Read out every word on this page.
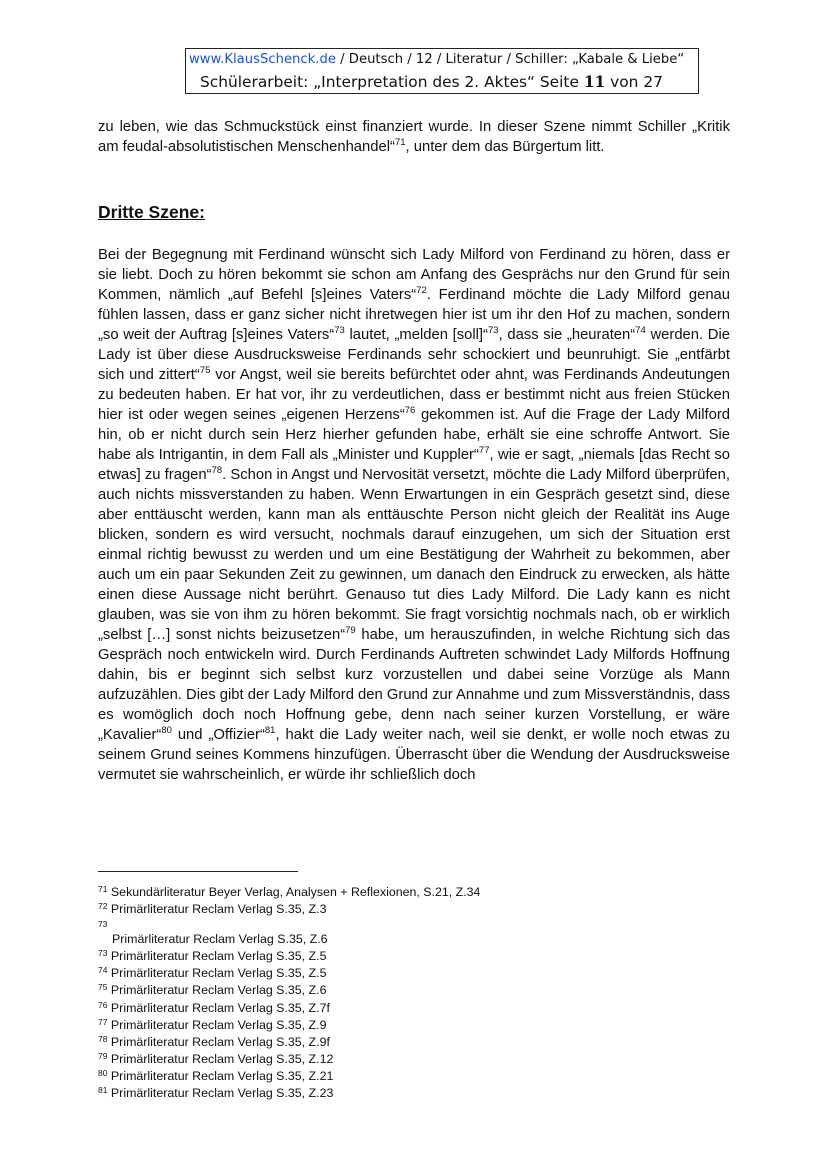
www.KlausSchenck.de / Deutsch / 12 / Literatur / Schiller: „Kabale & Liebe“
Schülerarbeit: „Interpretation des 2. Aktes“ Seite 11 von 27

zu leben, wie das Schmuckstück einst finanziert wurde. In dieser Szene nimmt Schiller „Kritik am feudal-absolutistischen Menschenhandel“$^{71}$, unter dem das Bürgertum litt.

Dritte Szene:

Bei der Begegnung mit Ferdinand wünscht sich Lady Milford von Ferdinand zu hören, dass er sie liebt. Doch zu hören bekommt sie schon am Anfang des Gesprächs nur den Grund für sein Kommen, nämlich „auf Befehl [s]eines Vaters“$^{72}$. Ferdinand möchte die Lady Milford genau fühlen lassen, dass er ganz sicher nicht ihretwegen hier ist um ihr den Hof zu machen, sondern „so weit der Auftrag [s]eines Vaters“$^{73}$ lautet, „melden [soll]“$^{73}$, dass sie „heuraten“$^{74}$ werden. Die Lady ist über diese Ausdrucksweise Ferdinands sehr schockiert und beunruhigt. Sie „entfärbt sich und zittert“$^{75}$ vor Angst, weil sie bereits befürchtet oder ahnt, was Ferdinands Andeutungen zu bedeuten haben. Er hat vor, ihr zu verdeutlichen, dass er bestimmt nicht aus freien Stücken hier ist oder wegen seines „eigenen Herzens“$^{76}$ gekommen ist. Auf die Frage der Lady Milford hin, ob er nicht durch sein Herz hierher gefunden habe, erhält sie eine schroffe Antwort. Sie habe als Intrigantin, in dem Fall als „Minister und Kuppler“$^{77}$, wie er sagt, „niemals [das Recht so etwas] zu fragen“$^{78}$. Schon in Angst und Nervosität versetzt, möchte die Lady Milford überprüfen, auch nichts missverstanden zu haben. Wenn Erwartungen in ein Gespräch gesetzt sind, diese aber enttäuscht werden, kann man als enttäuschte Person nicht gleich der Realität ins Auge blicken, sondern es wird versucht, nochmals darauf einzugehen, um sich der Situation erst einmal richtig bewusst zu werden und um eine Bestätigung der Wahrheit zu bekommen, aber auch um ein paar Sekunden Zeit zu gewinnen, um danach den Eindruck zu erwecken, als hätte einen diese Aussage nicht berührt. Genauso tut dies Lady Milford. Die Lady kann es nicht glauben, was sie von ihm zu hören bekommt. Sie fragt vorsichtig nochmals nach, ob er wirklich „selbst […] sonst nichts beizusetzen“$^{79}$ habe, um herauszufinden, in welche Richtung sich das Gespräch noch entwickeln wird. Durch Ferdinands Auftreten schwindet Lady Milfords Hoffnung dahin, bis er beginnt sich selbst kurz vorzustellen und dabei seine Vorzüge als Mann aufzuzählen. Dies gibt der Lady Milford den Grund zur Annahme und zum Missverständnis, dass es womöglich doch noch Hoffnung gebe, denn nach seiner kurzen Vorstellung, er wäre „Kavalier“$^{80}$ und „Offizier“$^{81}$, hakt die Lady weiter nach, weil sie denkt, er wolle noch etwas zu seinem Grund seines Kommens hinzufügen. Überrascht über die Wendung der Ausdrucksweise vermutet sie wahrscheinlich, er würde ihr schließlich doch

$^{71}$ Sekundärliteratur Beyer Verlag, Analysen + Reflexionen, S.21, Z.34
$^{72}$ Primärliteratur Reclam Verlag S.35, Z.3
73
Primärliteratur Reclam Verlag S.35, Z.6
$^{73}$ Primärliteratur Reclam Verlag S.35, Z.5
$^{74}$ Primärliteratur Reclam Verlag S.35, Z.5
$^{75}$ Primärliteratur Reclam Verlag S.35, Z.6
$^{76}$ Primärliteratur Reclam Verlag S.35, Z.7f
$^{77}$ Primärliteratur Reclam Verlag S.35, Z.9
$^{78}$ Primärliteratur Reclam Verlag S.35, Z.9f
$^{79}$ Primärliteratur Reclam Verlag S.35, Z.12
$^{80}$ Primärliteratur Reclam Verlag S.35, Z.21
$^{81}$ Primärliteratur Reclam Verlag S.35, Z.23
